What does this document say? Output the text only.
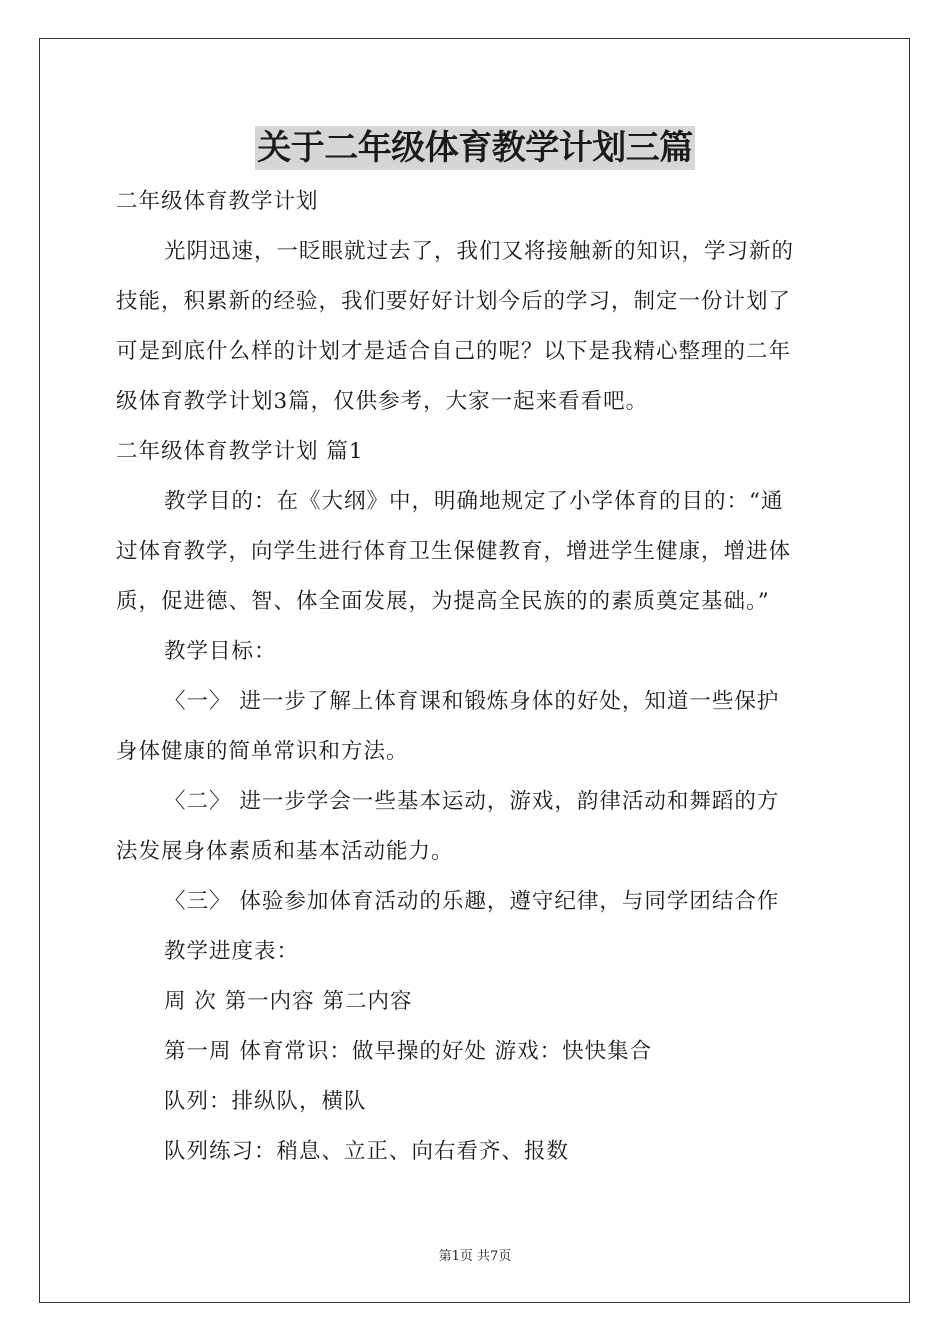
关于二年级体育教学计划三篇
二年级体育教学计划
光阴迅速，一眨眼就过去了，我们又将接触新的知识，学习新的
技能，积累新的经验，我们要好好计划今后的学习，制定一份计划了
可是到底什么样的计划才是适合自己的呢？以下是我精心整理的二年
级体育教学计划3篇，仅供参考，大家一起来看看吧。
二年级体育教学计划 篇1
教学目的：在《大纲》中，明确地规定了小学体育的目的：“通
过体育教学，向学生进行体育卫生保健教育，增进学生健康，增进体
质，促进德、智、体全面发展，为提高全民族的的素质奠定基础。”
教学目标：
〈一〉 进一步了解上体育课和锻炼身体的好处，知道一些保护
身体健康的简单常识和方法。
〈二〉 进一步学会一些基本运动，游戏，韵律活动和舞蹈的方
法发展身体素质和基本活动能力。
〈三〉 体验参加体育活动的乐趣，遵守纪律，与同学团结合作
教学进度表：
周 次 第一内容 第二内容
第一周 体育常识：做早操的好处 游戏：快快集合
队列：排纵队，横队
队列练习：稍息、立正、向右看齐、报数
第1页 共7页
